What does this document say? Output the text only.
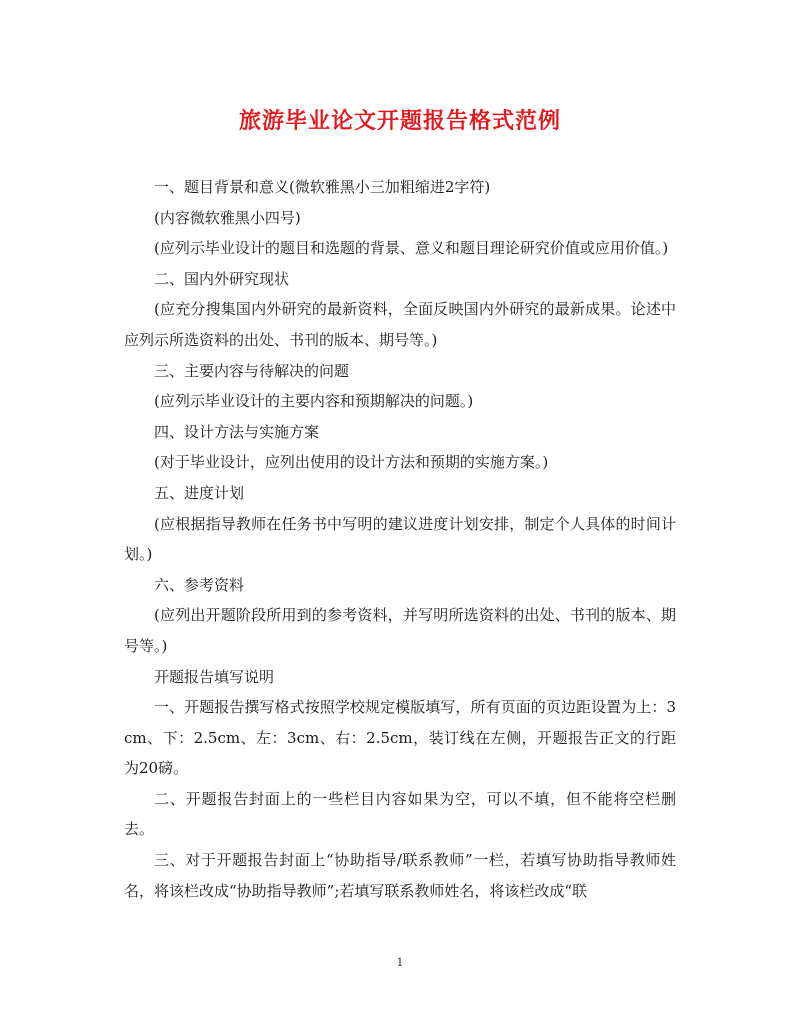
旅游毕业论文开题报告格式范例

一、题目背景和意义(微软雅黑小三加粗缩进2字符)

(内容微软雅黑小四号)

(应列示毕业设计的题目和选题的背景、意义和题目理论研究价值或应用价值。)

二、国内外研究现状

(应充分搜集国内外研究的最新资料，全面反映国内外研究的最新成果。论述中应列示所选资料的出处、书刊的版本、期号等。)

三、主要内容与待解决的问题

(应列示毕业设计的主要内容和预期解决的问题。)

四、设计方法与实施方案

(对于毕业设计，应列出使用的设计方法和预期的实施方案。)

五、进度计划

(应根据指导教师在任务书中写明的建议进度计划安排，制定个人具体的时间计划。)

六、参考资料

(应列出开题阶段所用到的参考资料，并写明所选资料的出处、书刊的版本、期号等。)

开题报告填写说明

一、开题报告撰写格式按照学校规定模版填写，所有页面的页边距设置为上：3cm、下：2.5cm、左：3cm、右：2.5cm，装订线在左侧，开题报告正文的行距为20磅。

二、开题报告封面上的一些栏目内容如果为空，可以不填，但不能将空栏删去。

三、对于开题报告封面上“协助指导/联系教师”一栏，若填写协助指导教师姓名，将该栏改成“协助指导教师”;若填写联系教师姓名，将该栏改成“联

1
